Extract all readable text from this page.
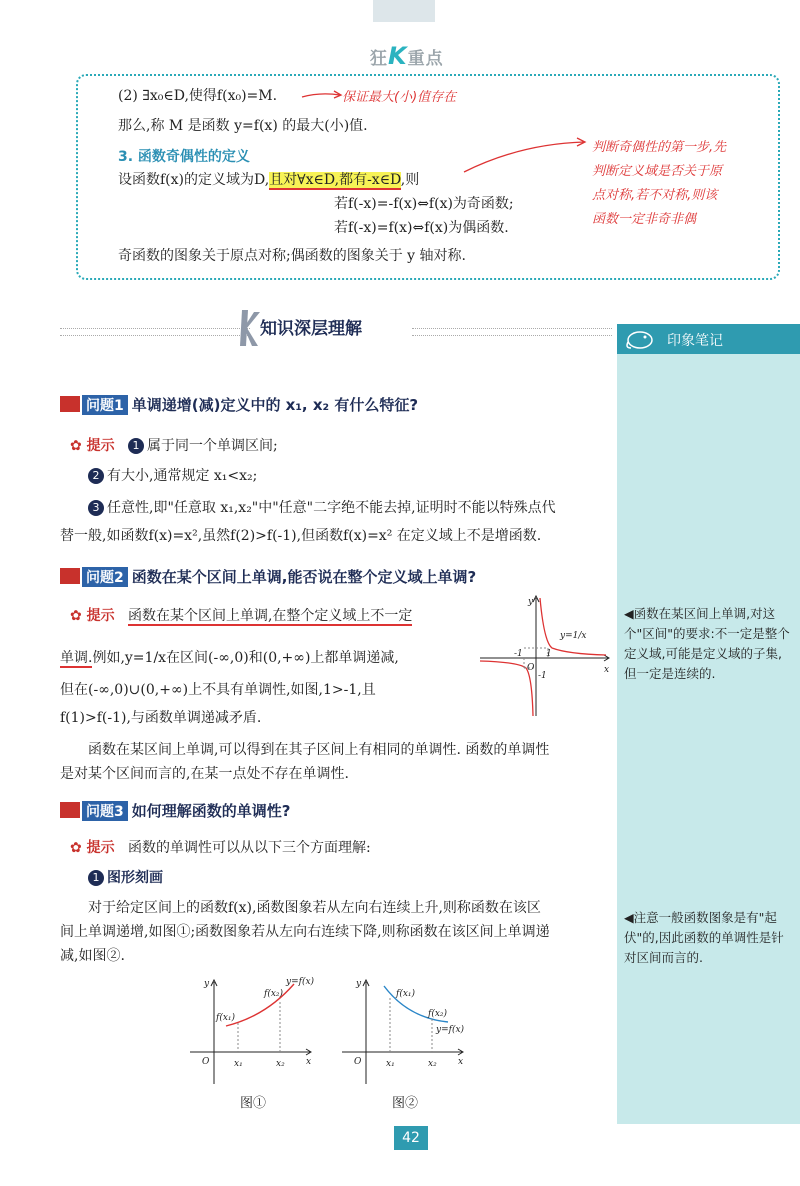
狂K重点
(2) ∃x₀∈D,使得f(x₀)=M.	保证最大(小)值存在
那么,称 M 是函数 y=f(x) 的最大(小)值.
3. 函数奇偶性的定义
设函数f(x)的定义域为D,且对∀x∈D,都有-x∈D,则
若f(-x)=-f(x)⇔f(x)为奇函数;
若f(-x)=f(x)⇔f(x)为偶函数.
奇函数的图象关于原点对称;偶函数的图象关于 y 轴对称.
判断奇偶性的第一步,先
判断定义域是否关于原
点对称,若不对称,则该
函数一定非奇非偶
知识深层理解
印象笔记
◀函数在某区间上单调,对这个"区间"的要求:不一定是整个定义域,可能是定义域的子集,但一定是连续的.
◀注意一般函数图象是有"起伏"的,因此函数的单调性是针对区间而言的.
问题1 单调递增(减)定义中的 x₁, x₂ 有什么特征?
✿ 提示 1 属于同一个单调区间;
2 有大小,通常规定 x₁<x₂;
3 任意性,即"任意取 x₁,x₂"中"任意"二字绝不能去掉,证明时不能以特殊点代
替一般,如函数f(x)=x²,虽然f(2)>f(-1),但函数f(x)=x² 在定义域上不是增函数.
问题2 函数在某个区间上单调,能否说在整个定义域上单调?
✿ 提示 函数在某个区间上单调,在整个定义域上不一定
单调.例如,y=1/x在区间(-∞,0)和(0,+∞)上都单调递减,
但在(-∞,0)∪(0,+∞)上不具有单调性,如图,1>-1,且
f(1)>f(-1),与函数单调递减矛盾.
函数在某区间上单调,可以得到在其子区间上有相同的单调性. 函数的单调性
是对某个区间而言的,在某一点处不存在单调性.
y
x
O
y=1/x
1
-1
-1
问题3 如何理解函数的单调性?
✿ 提示 函数的单调性可以从以下三个方面理解:
1 图形刻画
对于给定区间上的函数f(x),函数图象若从左向右连续上升,则称函数在该区
间上单调递增,如图①;函数图象若从左向右连续下降,则称函数在该区间上单调递
减,如图②.
y
x
O	x₁	x₂
f(x₁)
f(x₂)
y=f(x)
图①
y
x
O	x₁	x₂
f(x₁)
f(x₂)
y=f(x)
图②
42
